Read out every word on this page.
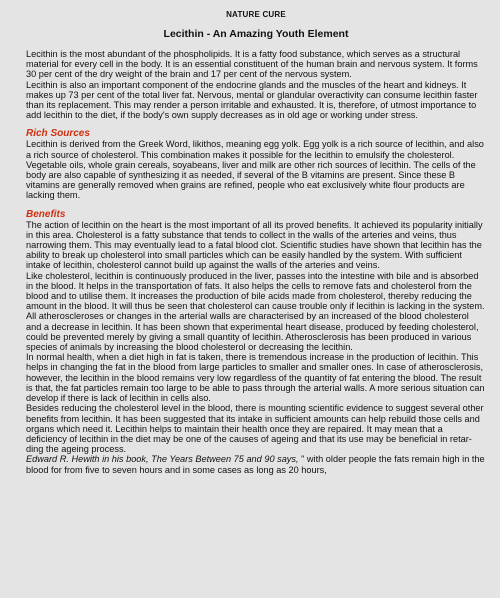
NATURE CURE
Lecithin - An Amazing Youth Element

Lecithin is the most abundant of the phospholipids. It is a fatty food substance, which serves as a structural material for every cell in the body. It is an essential constituent of the human brain and nervous system. It forms 30 per cent of the dry weight of the brain and 17 per cent of the nervous system.

Lecithin is also an important component of the endocrine glands and the muscles of the heart and kidneys. It makes up 73 per cent of the total liver fat. Nervous, mental or glandular overactivity can consume lecithin faster than its replacement. This may render a person irritable and exhausted. It is, therefore, of utmost importance to add lecithin to the diet, if the body's own supply decreases as in old age or working under stress.

Rich Sources

Lecithin is derived from the Greek Word, likithos, meaning egg yolk. Egg yolk is a rich source of lecithin, and also a rich source of cholesterol. This combination makes it possible for the lecithin to emulsify the cholesterol. Vegetable oils, whole grain cereals, soyabeans, liver and milk are other rich sources of lecithin. The cells of the body are also capable of synthesizing it as needed, if several of the B vitamins are present. Since these B vitamins are generally removed when grains are refined, people who eat exclusively white flour products are lacking them.

Benefits

The action of lecithin on the heart is the most important of all its proved benefits. It achieved its popularity initially in this area. Cholesterol is a fatty substance that tends to collect in the walls of the arteries and veins, thus narrowing them. This may eventually lead to a fatal blood clot. Scientific studies have shown that lecithin has the ability to break up cholesterol into small particles which can be easily handled by the system. With sufficient intake of lecithin, cholesterol cannot build up against the walls of the arteries and veins.

Like cholesterol, lecithin is continuously produced in the liver, passes into the intestine with bile and is absorbed in the blood. It helps in the transportation of fats. It also helps the cells to remove fats and cholesterol from the blood and to utilise them. It increases the production of bile acids made from cholesterol, thereby reducing the amount in the blood. It will thus be seen that cholesterol can cause trouble only if lecithin is lacking in the system.

All atheroscleroses or changes in the arterial walls are characterised by an increased of the blood cholesterol and a decrease in lecithin. It has been shown that experimental heart disease, produced by feeding cholesterol, could be prevented merely by giving a small quantity of lecithin. Atherosclerosis has been produced in various species of animals by increasing the blood cholesterol or decreasing the lecithin.

In normal health, when a diet high in fat is taken, there is tremendous increase in the production of lecithin. This helps in changing the fat in the blood from large particles to smaller and smaller ones. In case of atherosclerosis, however, the lecithin in the blood remains very low regardless of the quantity of fat entering the blood. The result is that, the fat particles remain too large to be able to pass through the arterial walls. A more serious situation can develop if there is lack of lecithin in cells also.

Besides reducing the cholesterol level in the blood, there is mounting scientific evidence to suggest several other benefits from lecithin. It has been suggested that its intake in sufficient amounts can help rebuild those cells and organs which need it. Lecithin helps to maintain their health once they are repaired. It may mean that a deficiency of lecithin in the diet may be one of the causes of ageing and that its use may be beneficial in retar- ding the ageing process.

Edward R. Hewith in his book, The Years Between 75 and 90 says, " with older people the fats remain high in the blood for from five to seven hours and in some cases as long as 20 hours,
